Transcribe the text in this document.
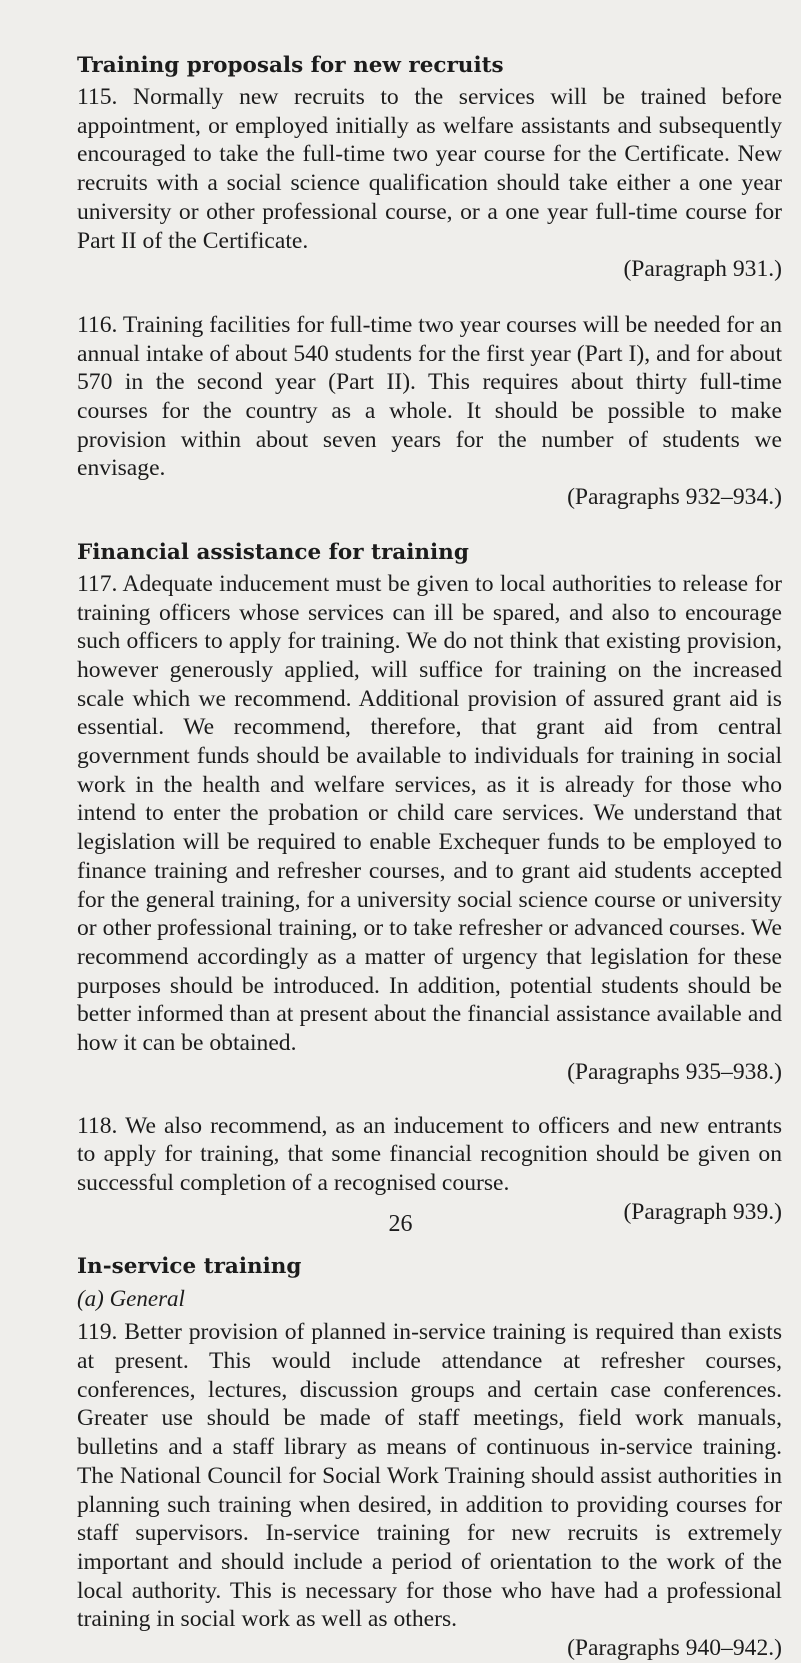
Training proposals for new recruits

115. Normally new recruits to the services will be trained before appointment, or employed initially as welfare assistants and subsequently encouraged to take the full-time two year course for the Certificate. New recruits with a social science qualification should take either a one year university or other professional course, or a one year full-time course for Part II of the Certificate.
(Paragraph 931.)

116. Training facilities for full-time two year courses will be needed for an annual intake of about 540 students for the first year (Part I), and for about 570 in the second year (Part II). This requires about thirty full-time courses for the country as a whole. It should be possible to make provision within about seven years for the number of students we envisage.
(Paragraphs 932–934.)

Financial assistance for training

117. Adequate inducement must be given to local authorities to release for training officers whose services can ill be spared, and also to encourage such officers to apply for training. We do not think that existing provision, however generously applied, will suffice for training on the increased scale which we recommend. Additional provision of assured grant aid is essential. We recommend, therefore, that grant aid from central government funds should be available to individuals for training in social work in the health and welfare services, as it is already for those who intend to enter the probation or child care services. We understand that legislation will be required to enable Exchequer funds to be employed to finance training and refresher courses, and to grant aid students accepted for the general training, for a university social science course or university or other professional training, or to take refresher or advanced courses. We recommend accordingly as a matter of urgency that legislation for these purposes should be introduced. In addition, potential students should be better informed than at present about the financial assistance available and how it can be obtained.
(Paragraphs 935–938.)

118. We also recommend, as an inducement to officers and new entrants to apply for training, that some financial recognition should be given on successful completion of a recognised course.
(Paragraph 939.)

In-service training
(a) General

119. Better provision of planned in-service training is required than exists at present. This would include attendance at refresher courses, conferences, lectures, discussion groups and certain case conferences. Greater use should be made of staff meetings, field work manuals, bulletins and a staff library as means of continuous in-service training. The National Council for Social Work Training should assist authorities in planning such training when desired, in addition to providing courses for staff supervisors. In-service training for new recruits is extremely important and should include a period of orientation to the work of the local authority. This is necessary for those who have had a professional training in social work as well as others.
(Paragraphs 940–942.)

26
